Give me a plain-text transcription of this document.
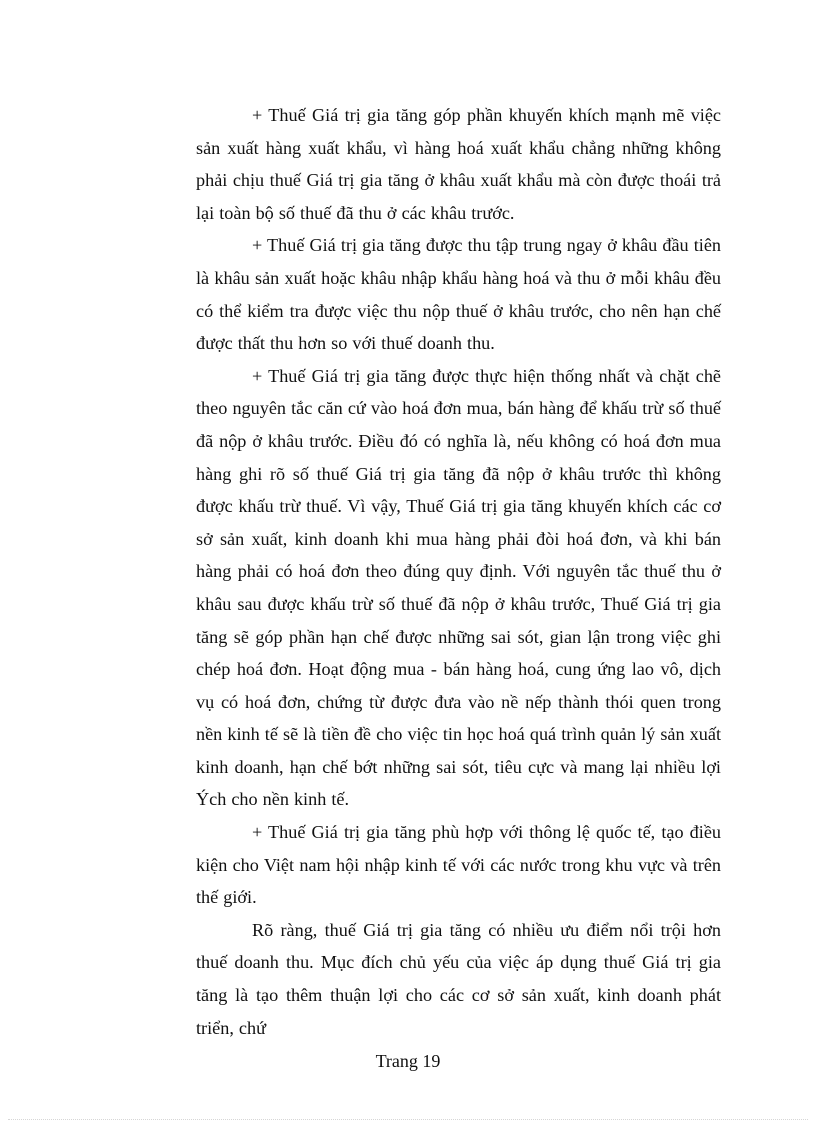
+ Thuế Giá trị gia tăng góp phần khuyến khích mạnh mẽ việc sản xuất hàng xuất khẩu, vì hàng hoá xuất khẩu chẳng những không phải chịu thuế Giá trị gia tăng ở khâu xuất khẩu mà còn được thoái trả lại toàn bộ số thuế đã thu ở các khâu trước.

+ Thuế Giá trị gia tăng được thu tập trung ngay ở khâu đầu tiên là khâu sản xuất hoặc khâu nhập khẩu hàng hoá và thu ở mỗi khâu đều có thể kiểm tra được việc thu nộp thuế ở khâu trước, cho nên hạn chế được thất thu hơn so với thuế doanh thu.

+ Thuế Giá trị gia tăng được thực hiện thống nhất và chặt chẽ theo nguyên tắc căn cứ vào hoá đơn mua, bán hàng để khấu trừ số thuế đã nộp ở khâu trước. Điều đó có nghĩa là, nếu không có hoá đơn mua hàng ghi rõ số thuế Giá trị gia tăng đã nộp ở khâu trước thì không được khấu trừ thuế. Vì vậy, Thuế Giá trị gia tăng khuyến khích các cơ sở sản xuất, kinh doanh khi mua hàng phải đòi hoá đơn, và khi bán hàng phải có hoá đơn theo đúng quy định. Với nguyên tắc thuế thu ở khâu sau được khấu trừ số thuế đã nộp ở khâu trước, Thuế Giá trị gia tăng sẽ góp phần hạn chế được những sai sót, gian lận trong việc ghi chép hoá đơn. Hoạt động mua - bán hàng hoá, cung ứng lao vô, dịch vụ có hoá đơn, chứng từ được đưa vào nề nếp thành thói quen trong nền kinh tế sẽ là tiền đề cho việc tin học hoá quá trình quản lý sản xuất kinh doanh, hạn chế bớt những sai sót, tiêu cực và mang lại nhiều lợi Ých cho nền kinh tế.

+ Thuế Giá trị gia tăng phù hợp với thông lệ quốc tế, tạo điều kiện cho Việt nam hội nhập kinh tế với các nước trong khu vực và trên thế giới.

Rõ ràng, thuế Giá trị gia tăng có nhiều ưu điểm nổi trội hơn thuế doanh thu. Mục đích chủ yếu của việc áp dụng thuế Giá trị gia tăng là tạo thêm thuận lợi cho các cơ sở sản xuất, kinh doanh phát triển, chứ

Trang 19
